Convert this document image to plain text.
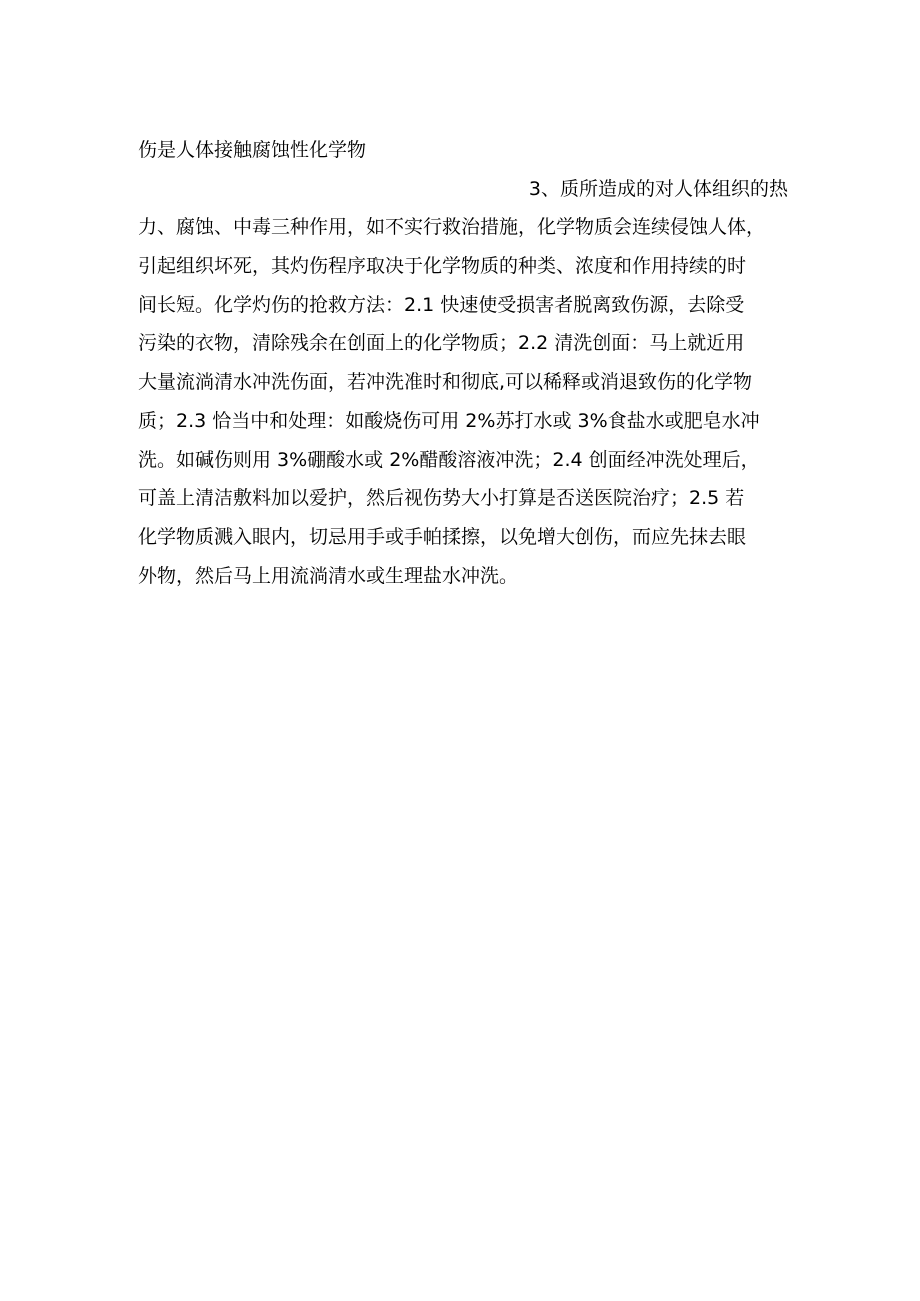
伤是人体接触腐蚀性化学物
3、质所造成的对人体组织的热
力、腐蚀、中毒三种作用，如不实行救治措施，化学物质会连续侵蚀人体，
引起组织坏死，其灼伤程序取决于化学物质的种类、浓度和作用持续的时
间长短。化学灼伤的抢救方法：2.1 快速使受损害者脱离致伤源，去除受
污染的衣物，清除残余在创面上的化学物质；2.2 清洗创面：马上就近用
大量流淌清水冲洗伤面，若冲洗准时和彻底,可以稀释或消退致伤的化学物
质；2.3 恰当中和处理：如酸烧伤可用 2%苏打水或 3%食盐水或肥皂水冲
洗。如碱伤则用 3%硼酸水或 2%醋酸溶液冲洗；2.4 创面经冲洗处理后，
可盖上清洁敷料加以爱护，然后视伤势大小打算是否送医院治疗；2.5 若
化学物质溅入眼内，切忌用手或手帕揉擦，以免增大创伤，而应先抹去眼
外物，然后马上用流淌清水或生理盐水冲洗。
